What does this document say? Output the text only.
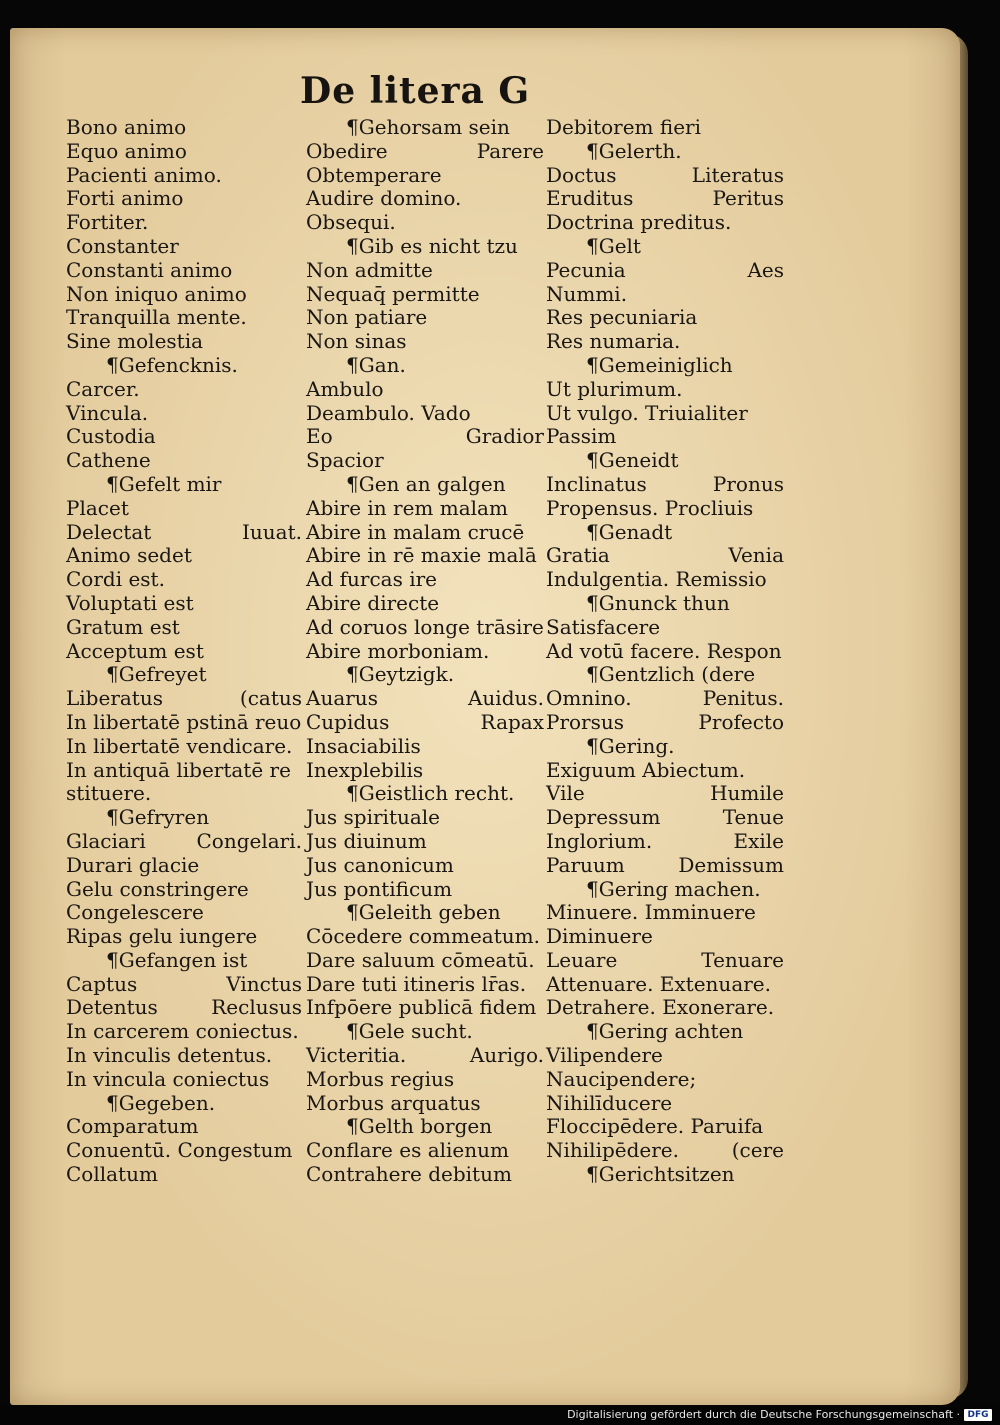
De litera G
Bono animo
Equo animo
Pacienti animo.
Forti animo
Fortiter.
Constanter
Constanti animo
Non iniquo animo
Tranquilla mente.
Sine molestia
¶Gefencknis.
Carcer.
Vincula.
Custodia
Cathene
¶Gefelt mir
Placet
Delectat	Iuuat.
Animo sedet
Cordi est.
Voluptati est
Gratum est
Acceptum est
¶Gefreyet
Liberatus	(catus
In libertatē pstinā reuo
In libertatē vendicare.
In antiquā libertatē re
stituere.
¶Gefryren
Glaciari	Congelari.
Durari glacie
Gelu constringere
Congelescere
Ripas gelu iungere
¶Gefangen ist
Captus	Vinctus
Detentus	Reclusus
In carcerem coniectus.
In vinculis detentus.
In vincula coniectus
¶Gegeben.
Comparatum
Conuentū. Congestum
Collatum
¶Gehorsam sein
Obedire	Parere
Obtemperare
Audire domino.
Obsequi.
¶Gib es nicht tzu
Non admitte
Nequaq̄ permitte
Non patiare
Non sinas
¶Gan.
Ambulo
Deambulo. Vado
Eo	Gradior
Spacior
¶Gen an galgen
Abire in rem malam
Abire in malam crucē
Abire in rē maxie malā
Ad furcas ire
Abire directe
Ad coruos longe trāsire
Abire morboniam.
¶Geytzigk.
Auarus	Auidus.
Cupidus	Rapax
Insaciabilis
Inexplebilis
¶Geistlich recht.
Jus spirituale
Jus diuinum
Jus canonicum
Jus pontificum
¶Geleith geben
Cōcedere commeatum.
Dare saluum cōmeatū.
Dare tuti itineris lr̄as.
Infpōere publicā fidem
¶Gele sucht.
Victeritia.	Aurigo.
Morbus regius
Morbus arquatus
¶Gelth borgen
Conflare es alienum
Contrahere debitum
Debitorem fieri
¶Gelerth.
Doctus	Literatus
Eruditus	Peritus
Doctrina preditus.
¶Gelt
Pecunia	Aes
Nummi.
Res pecuniaria
Res numaria.
¶Gemeiniglich
Ut plurimum.
Ut vulgo. Triuialiter
Passim
¶Geneidt
Inclinatus	Pronus
Propensus. Procliuis
¶Genadt
Gratia	Venia
Indulgentia. Remissio
¶Gnunck thun
Satisfacere
Ad votū facere. Respon
¶Gentzlich (dere
Omnino.	Penitus.
Prorsus	Profecto
¶Gering.
Exiguum Abiectum.
Vile	Humile
Depressum	Tenue
Inglorium.	Exile
Paruum	Demissum
¶Gering machen.
Minuere. Imminuere
Diminuere
Leuare	Tenuare
Attenuare. Extenuare.
Detrahere. Exonerare.
¶Gering achten
Vilipendere
Naucipendere;
Nihilīducere
Floccipēdere. Paruifa
Nihilipēdere.	(cere
¶Gerichtsitzen
Digitalisierung gefördert durch die Deutsche Forschungsgemeinschaft · DFG
